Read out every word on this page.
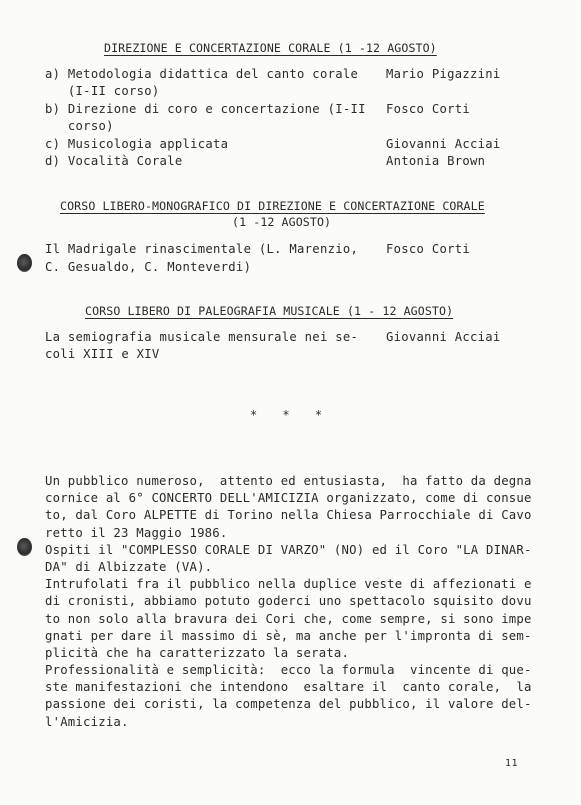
DIREZIONE E CONCERTAZIONE CORALE (1 -12 AGOSTO)
a) Metodologia didattica del canto corale
(I-II corso)
Mario Pigazzini
b) Direzione di coro e concertazione (I-II
corso)
Fosco Corti
c) Musicologia applicata	Giovanni Acciai
d) Vocalità Corale	Antonia Brown
CORSO LIBERO-MONOGRAFICO DI DIREZIONE E CONCERTAZIONE CORALE
(1 -12 AGOSTO)
Il Madrigale rinascimentale (L. Marenzio,
C. Gesualdo, C. Monteverdi)
Fosco Corti
CORSO LIBERO DI PALEOGRAFIA MUSICALE (1 - 12 AGOSTO)
La semiografia musicale mensurale nei se-
coli XIII e XIV
Giovanni Acciai
* * *
Un pubblico numeroso,  attento ed entusiasta,  ha fatto da degna
cornice al 6° CONCERTO DELL'AMICIZIA organizzato, come di consue
to, dal Coro ALPETTE di Torino nella Chiesa Parrocchiale di Cavo
retto il 23 Maggio 1986.
Ospiti il "COMPLESSO CORALE DI VARZO" (NO) ed il Coro "LA DINAR-
DA" di Albizzate (VA).
Intrufolati fra il pubblico nella duplice veste di affezionati e
di cronisti, abbiamo potuto goderci uno spettacolo squisito dovu
to non solo alla bravura dei Cori che, come sempre, si sono impe
gnati per dare il massimo di sè, ma anche per l'impronta di sem-
plicità che ha caratterizzato la serata.
Professionalità e semplicità:  ecco la formula  vincente di que-
ste manifestazioni che intendono  esaltare il  canto corale,  la
passione dei coristi, la competenza del pubblico, il valore del-
l'Amicizia.
11
